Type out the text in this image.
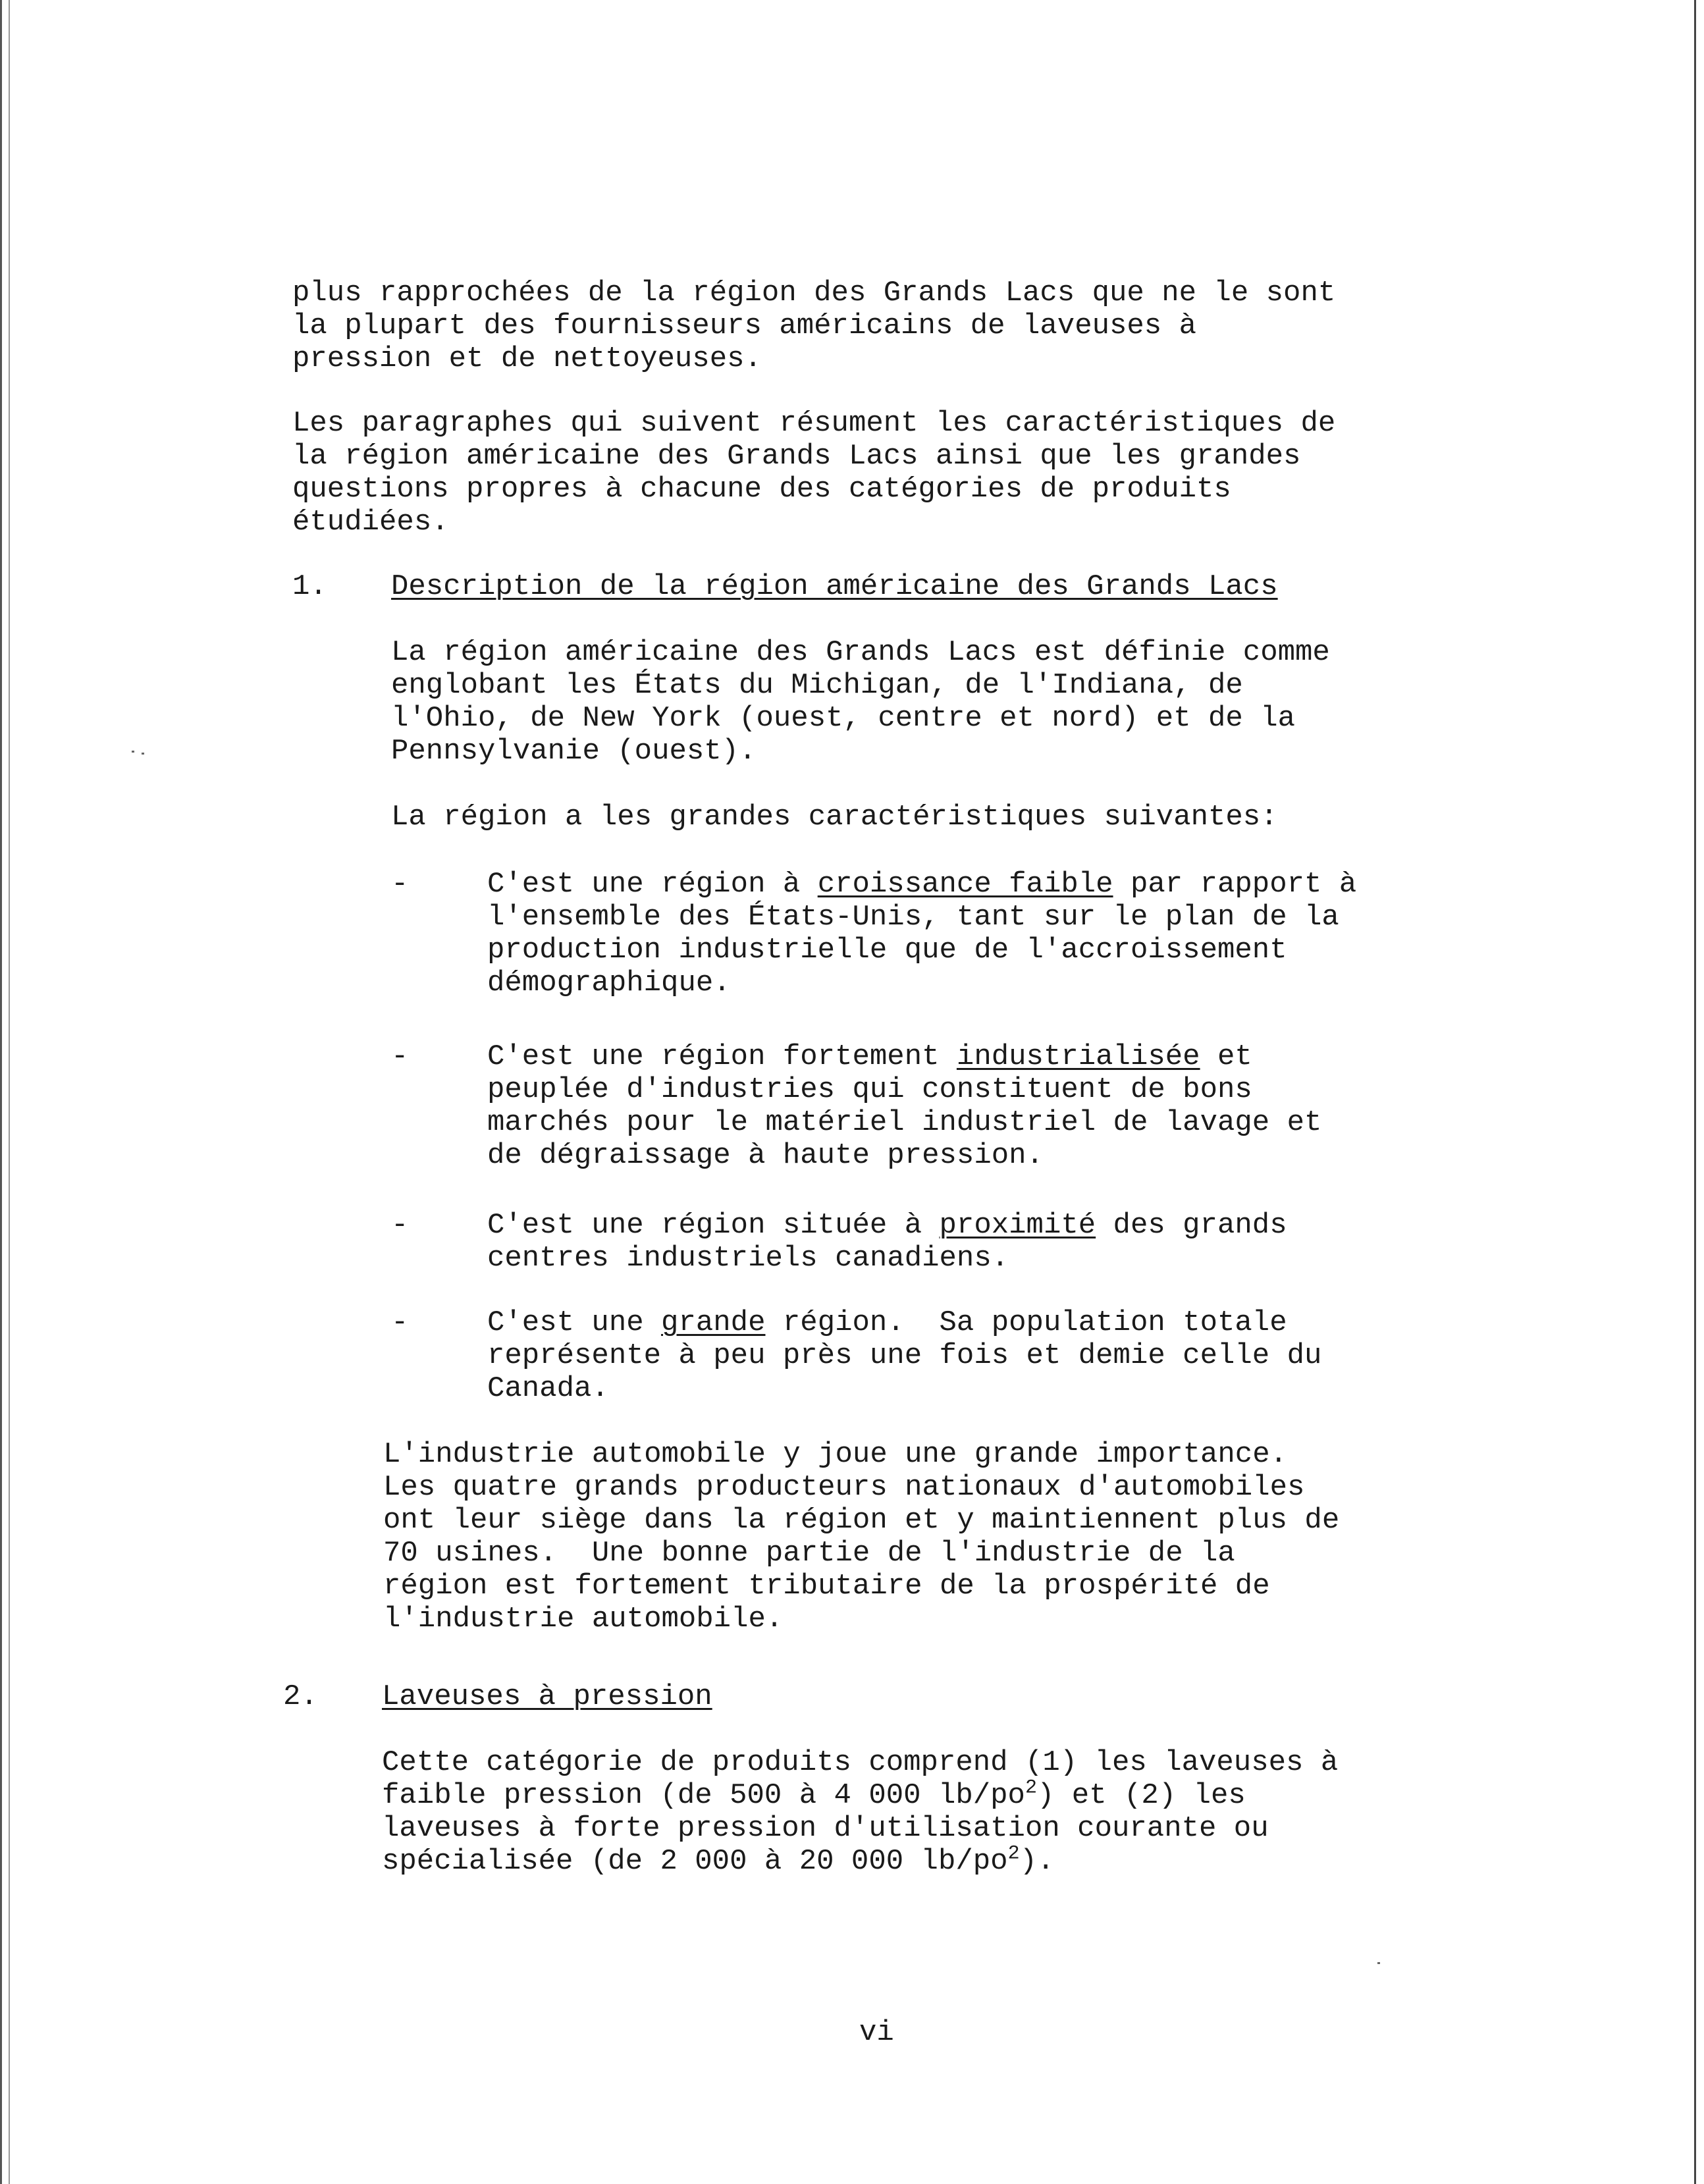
plus rapprochées de la région des Grands Lacs que ne le sont
la plupart des fournisseurs américains de laveuses à
pression et de nettoyeuses.
Les paragraphes qui suivent résument les caractéristiques de
la région américaine des Grands Lacs ainsi que les grandes
questions propres à chacune des catégories de produits
étudiées.
1. Description de la région américaine des Grands Lacs
La région américaine des Grands Lacs est définie comme
englobant les États du Michigan, de l'Indiana, de
l'Ohio, de New York (ouest, centre et nord) et de la
Pennsylvanie (ouest).
La région a les grandes caractéristiques suivantes:
-	C'est une région à croissance faible par rapport à
l'ensemble des États-Unis, tant sur le plan de la
production industrielle que de l'accroissement
démographique.
-	C'est une région fortement industrialisée et
peuplée d'industries qui constituent de bons
marchés pour le matériel industriel de lavage et
de dégraissage à haute pression.
-	C'est une région située à proximité des grands
centres industriels canadiens.
-	C'est une grande région.  Sa population totale
représente à peu près une fois et demie celle du
Canada.
L'industrie automobile y joue une grande importance.
Les quatre grands producteurs nationaux d'automobiles
ont leur siège dans la région et y maintiennent plus de
70 usines.  Une bonne partie de l'industrie de la
région est fortement tributaire de la prospérité de
l'industrie automobile.
2. Laveuses à pression
Cette catégorie de produits comprend (1) les laveuses à
faible pression (de 500 à 4 000 $lb/po^2$) et (2) les
laveuses à forte pression d'utilisation courante ou
spécialisée (de 2 000 à 20 000 $lb/po^2$).
vi
